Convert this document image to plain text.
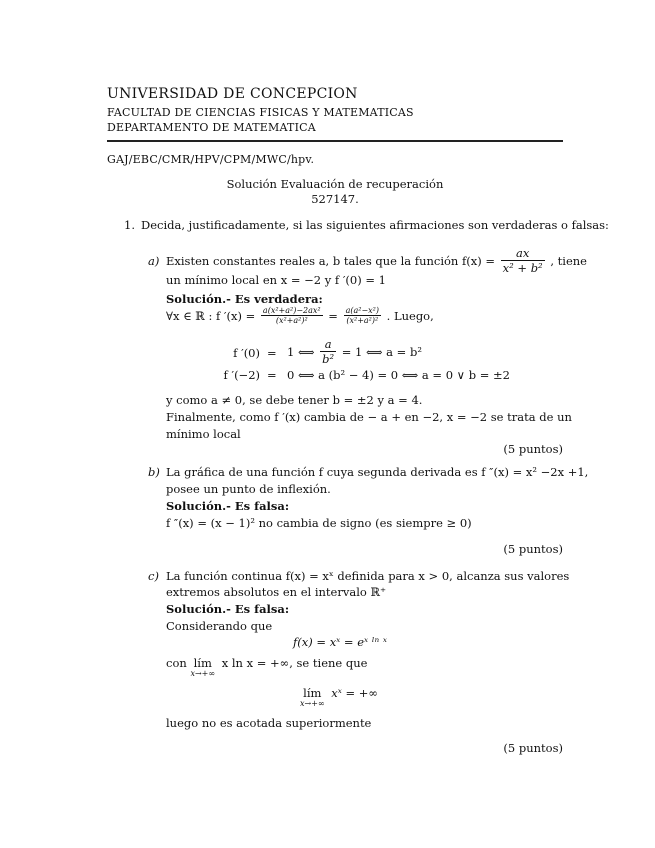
UNIVERSIDAD DE CONCEPCION
FACULTAD DE CIENCIAS FISICAS Y MATEMATICAS
DEPARTAMENTO DE MATEMATICA
GAJ/EBC/CMR/HPV/CPM/MWC/hpv.
Solución Evaluación de recuperación
527147.
1. Decida, justificadamente, si las siguientes afirmaciones son verdaderas o falsas:
a) Existen constantes reales a, b tales que la función $f(x) = \frac{ax}{\text{x² + b²}}$ , tiene
un mínimo local en x = −2 y f ′(0) = 1
Solución.- Es verdadera:
∀x ∈ ℝ : f $'(x) = \frac{\text{a(x²+a²)−2ax²}}{\text{(x²+a²)²}} = \frac{\text{a(a²−x²)}}{\text{(x²+a²)²}}$ . Luego,
f ′(0) = 1 ⟺ $\frac{a}{\text{b²}} = 1$ ⟺ a = b²
f ′(−2) = 0 ⟺ a (b² − 4) = 0 ⟺ a = 0 ∨ b = ±2
y como a ≠ 0, se debe tener b = ±2 y a = 4.
Finalmente, como f ′(x) cambia de − a + en −2, x = −2 se trata de un
mínimo local
(5 puntos)
b) La gráfica de una función f cuya segunda derivada es f ″(x) = x² −2x +1,
posee un punto de inflexión.
Solución.- Es falsa:
f ″(x) = (x − 1)² no cambia de signo (es siempre ≥ 0)
(5 puntos)
c) La función continua f(x) = xˣ definida para x > 0, alcanza sus valores
extremos absolutos en el intervalo ℝ⁺
Solución.- Es falsa:
Considerando que
f(x) = xˣ = eˣ ˡⁿ ˣ
con lím
x→+∞
x ln x = +∞, se tiene que
lím
x→+∞
xˣ = +∞
luego no es acotada superiormente
(5 puntos)
